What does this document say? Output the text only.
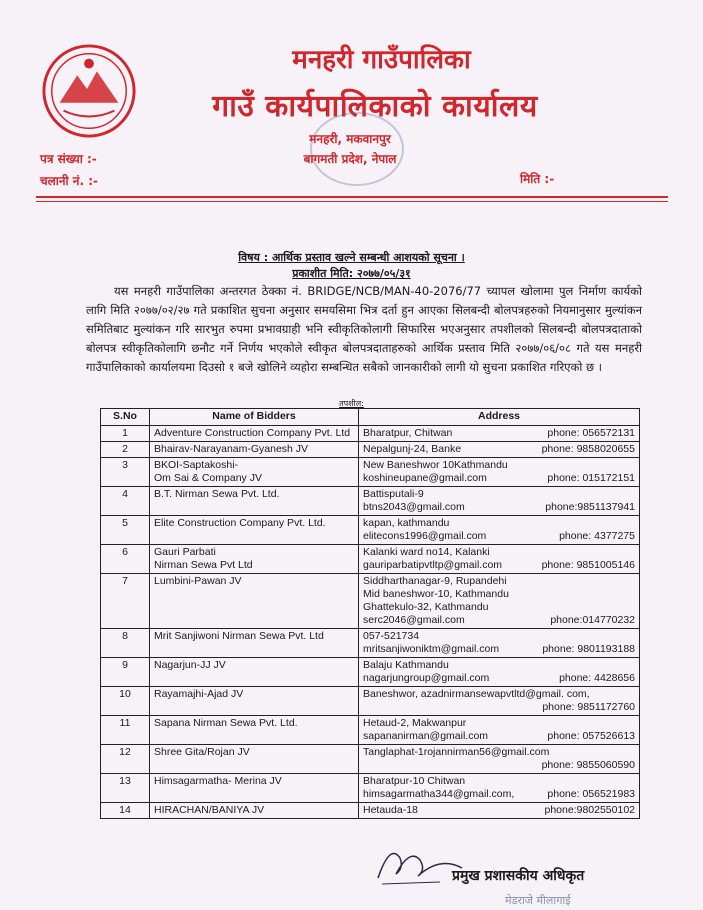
मनहरी गाउँपालिका
गाउँ कार्यपालिकाको कार्यालय
मनहरी, मकवानपुर
बागमती प्रदेश, नेपाल
पत्र संख्या :-
चलानी नं. :-	मिति :-
विषय : आर्थिक प्रस्ताव खल्ने सम्बन्धी आशयको सूचना ।
प्रकाशीत मिति: २०७७/०५/३१
यस मनहरी गाउँपालिका अन्तरगत ठेक्का नं. BRIDGE/NCB/MAN-40-2076/77 च्यापल खोलामा पुल निर्माण कार्यको लागि मिति २०७७/०२/२७ गते प्रकाशित सुचना अनुसार समयसिमा भित्र दर्ता हुन आएका सिलबन्दी बोलपत्रहरुको नियमानुसार मुल्यांकन समितिबाट मुल्यांकन गरि सारभुत रुपमा प्रभावग्राही भनि स्वीकृतिकोलागी सिफारिस भएअनुसार तपशीलको सिलबन्दी बोलपत्रदाताको बोलपत्र स्वीकृतिकोलागि छनौट गर्ने निर्णय भएकोले स्वीकृत बोलपत्रदाताहरुको आर्थिक प्रस्ताव मिति २०७७/०६/०८ गते यस मनहरी गाउँपालिकाको कार्यालयमा दिउसो १ बजे खोलिने व्यहोरा सम्बन्धित सबैको जानकारीको लागी यो सुचना प्रकाशित गरिएको छ ।
तपशील:
S.No	Name of Bidders	Address
1	Adventure Construction Company Pvt. Ltd	Bharatpur, Chitwan phone: 056572131

2	Bhairav-Narayanam-Gyanesh JV	Nepalgunj-24, Banke phone: 9858020655

3	BKOI-Saptakoshi-
Om Sai & Company JV	New Baneshwor 10Kathmandu
koshineupane@gmail.com phone: 015172151

4	B.T. Nirman Sewa Pvt. Ltd.	Battisputali-9
btns2043@gmail.com phone:9851137941

5	Elite Construction Company Pvt. Ltd.	kapan, kathmandu
elitecons1996@gmail.com phone: 4377275

6	Gauri Parbati
Nirman Sewa Pvt Ltd	Kalanki ward no14, Kalanki
gauriparbatipvtltp@gmail.com phone: 9851005146

7	Lumbini-Pawan JV	Siddharthanagar-9, Rupandehi
Mid baneshwor-10, Kathmandu
Ghattekulo-32, Kathmandu
serc2046@gmail.com phone:014770232

8	Mrit Sanjiwoni Nirman Sewa Pvt. Ltd	057-521734
mritsanjiwoniktm@gmail.com phone: 9801193188

9	Nagarjun-JJ JV	Balaju Kathmandu
nagarjungroup@gmail.com phone: 4428656

10	Rayamajhi-Ajad JV	Baneshwor, azadnirmansewapvtltd@gmail. com,
phone: 9851172760

11	Sapana Nirman Sewa Pvt. Ltd.	Hetaud-2, Makwanpur
sapananirman@gmail.com phone: 057526613

12	Shree Gita/Rojan JV	Tanglaphat-1rojannirman56@gmail.com
phone: 9855060590

13	Himsagarmatha- Merina JV	Bharatpur-10 Chitwan
himsagarmatha344@gmail.com, phone: 056521983

14	HIRACHAN/BANIYA JV	Hetauda-18 phone:9802550102
प्रमुख प्रशासकीय अधिकृत
मेडराजे मीलागाई
